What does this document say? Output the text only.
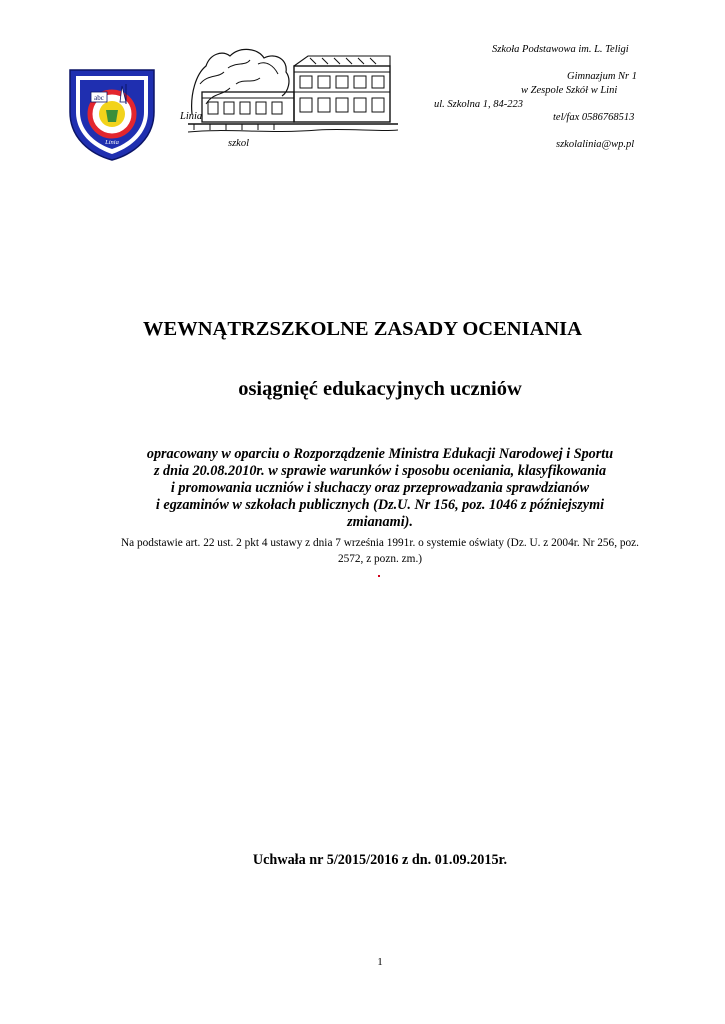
Szkoła Podstawowa im. L. Teligi
Gimnazjum Nr 1
w Zespole Szkół w Lini
ul. Szkolna 1, 84-223
Linia	tel/fax 0586768513
szkol	szkolalinia@wp.pl
abc
Linia
WEWNĄTRZSZKOLNE ZASADY OCENIANIA
osiągnięć edukacyjnych uczniów
opracowany w oparciu o Rozporządzenie Ministra Edukacji Narodowej i Sportu
z dnia 20.08.2010r. w sprawie warunków i sposobu oceniania, klasyfikowania
i promowania uczniów i słuchaczy oraz przeprowadzania sprawdzianów
i egzaminów w szkołach publicznych (Dz.U. Nr 156, poz. 1046 z późniejszymi
zmianami).
Na podstawie art. 22 ust. 2 pkt 4 ustawy z dnia 7 września 1991r. o systemie oświaty (Dz. U. z 2004r. Nr 256, poz.
2572, z pozn. zm.)
Uchwała nr 5/2015/2016 z dn. 01.09.2015r.
1
